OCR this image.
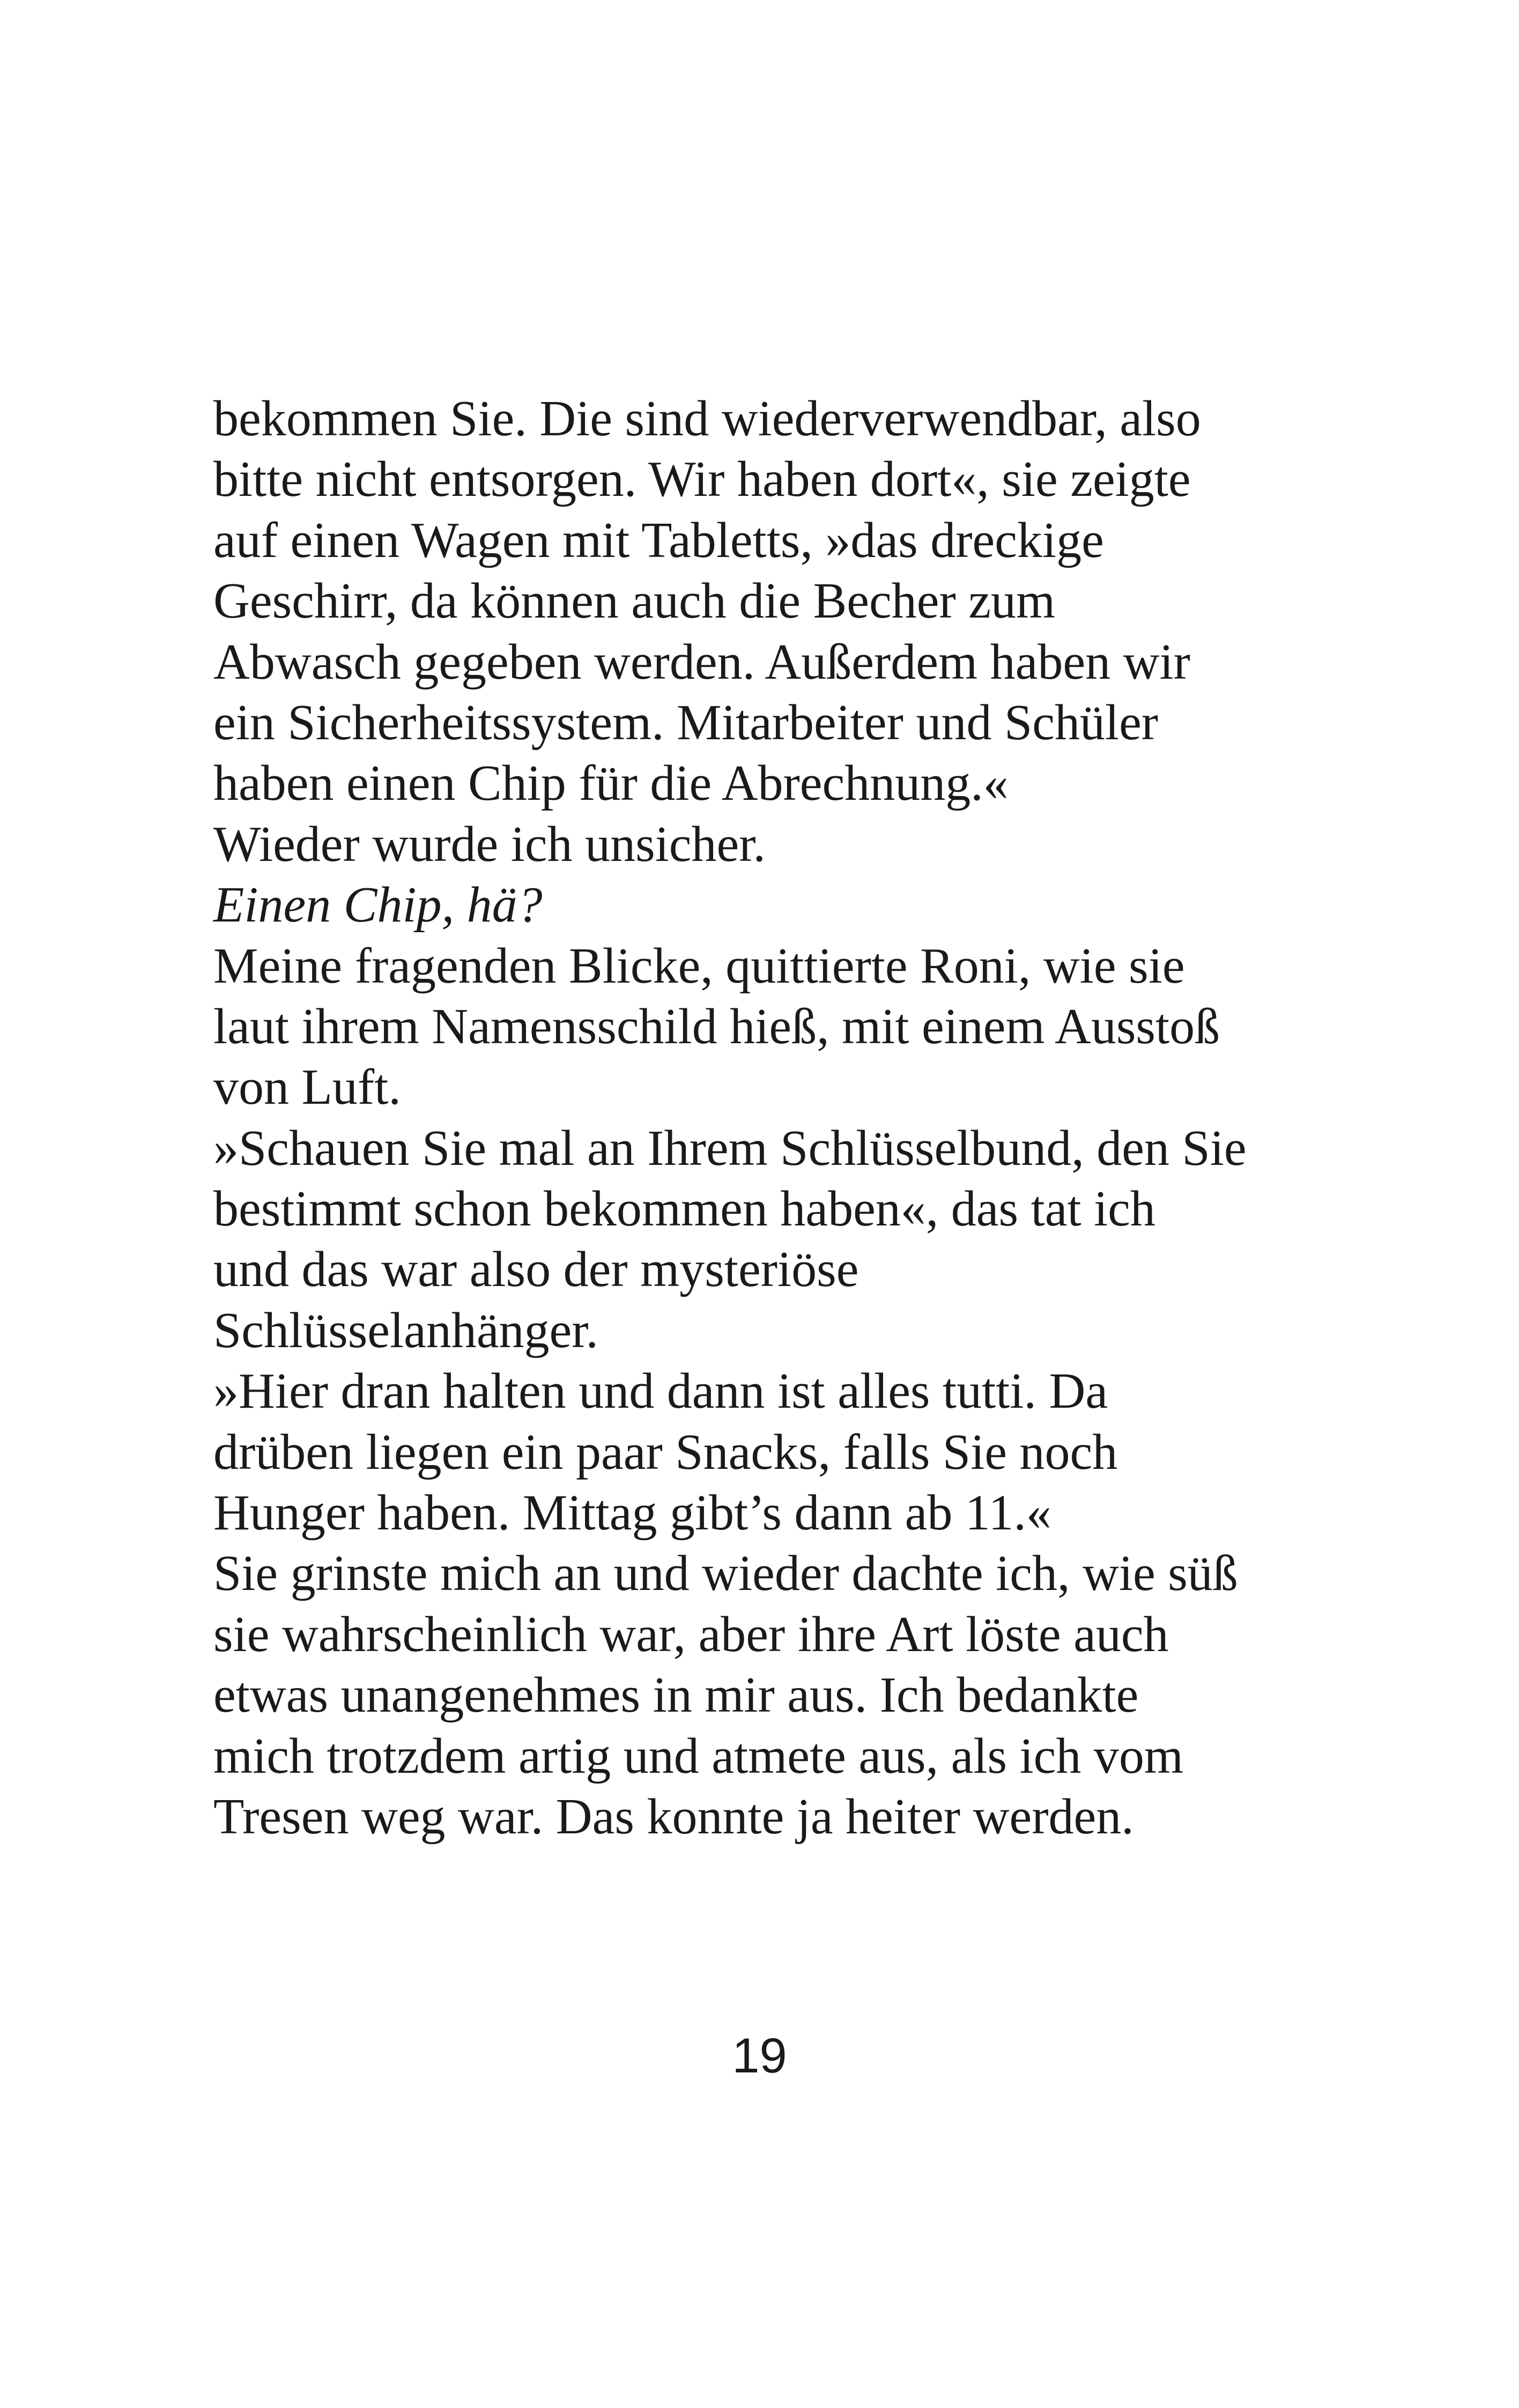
bekommen Sie. Die sind wiederverwendbar, also
bitte nicht entsorgen. Wir haben dort«, sie zeigte
auf einen Wagen mit Tabletts, »das dreckige
Geschirr, da können auch die Becher zum
Abwasch gegeben werden. Außerdem haben wir
ein Sicherheitssystem. Mitarbeiter und Schüler
haben einen Chip für die Abrechnung.«
Wieder wurde ich unsicher.
Einen Chip, hä?
Meine fragenden Blicke, quittierte Roni, wie sie
laut ihrem Namensschild hieß, mit einem Ausstoß
von Luft.
»Schauen Sie mal an Ihrem Schlüsselbund, den Sie
bestimmt schon bekommen haben«, das tat ich
und das war also der mysteriöse
Schlüsselanhänger.
»Hier dran halten und dann ist alles tutti. Da
drüben liegen ein paar Snacks, falls Sie noch
Hunger haben. Mittag gibt’s dann ab 11.«
Sie grinste mich an und wieder dachte ich, wie süß
sie wahrscheinlich war, aber ihre Art löste auch
etwas unangenehmes in mir aus. Ich bedankte
mich trotzdem artig und atmete aus, als ich vom
Tresen weg war. Das konnte ja heiter werden.
19
